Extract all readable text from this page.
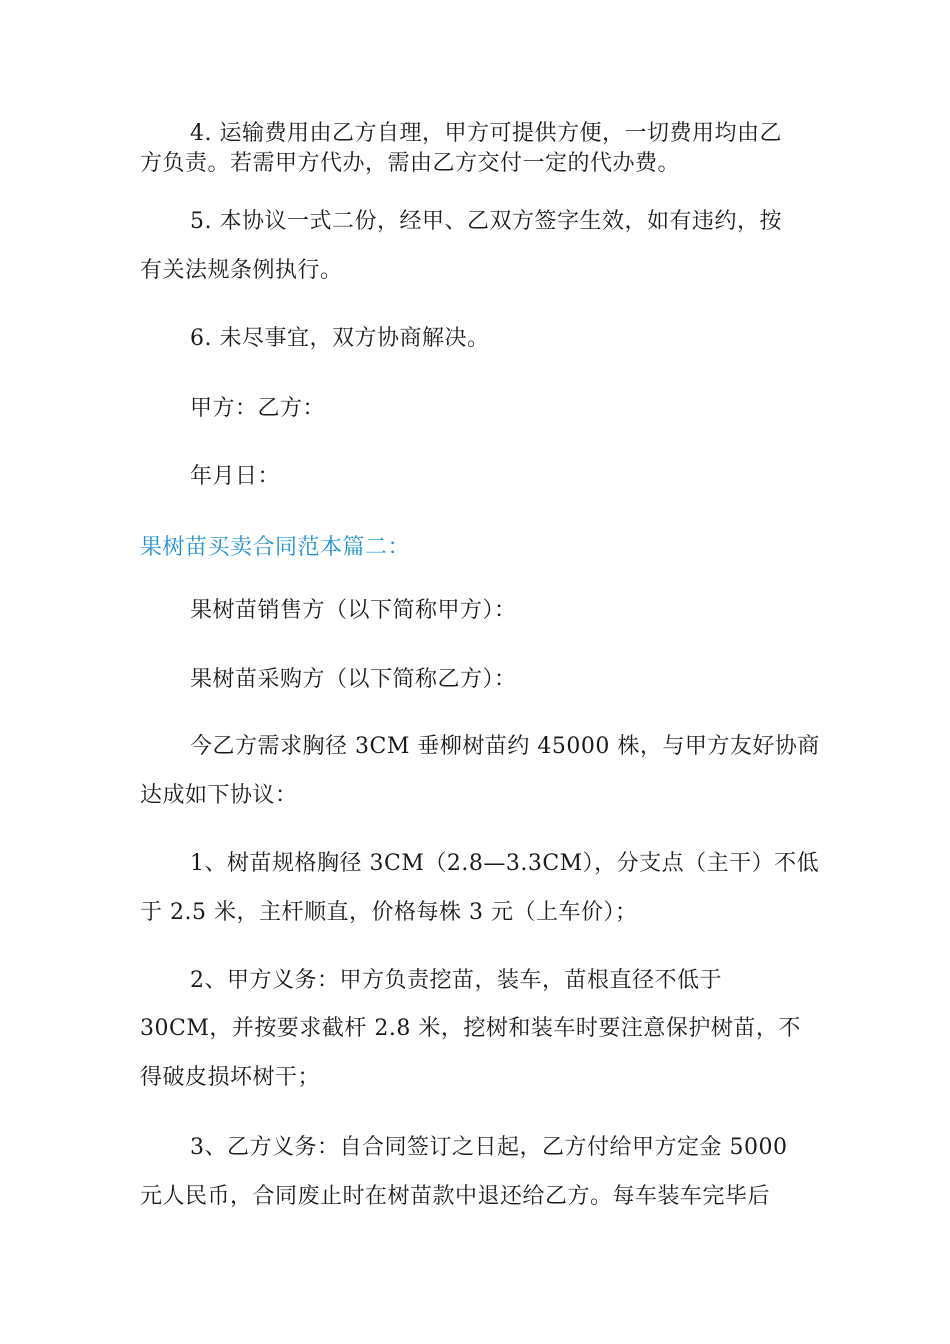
4. 运输费用由乙方自理，甲方可提供方便，一切费用均由乙
方负责。若需甲方代办，需由乙方交付一定的代办费。
5. 本协议一式二份，经甲、乙双方签字生效，如有违约，按
有关法规条例执行。
6. 未尽事宜，双方协商解决。
甲方：乙方：
年月日：
果树苗买卖合同范本篇二：
果树苗销售方（以下简称甲方）：
果树苗采购方（以下简称乙方）：
今乙方需求胸径 3CM 垂柳树苗约 45000 株，与甲方友好协商
达成如下协议：
1、树苗规格胸径 3CM（2.8—3.3CM），分支点（主干）不低
于 2.5 米，主杆顺直，价格每株 3 元（上车价）；
2、甲方义务：甲方负责挖苗，装车，苗根直径不低于
30CM，并按要求截杆 2.8 米，挖树和装车时要注意保护树苗，不
得破皮损坏树干；
3、乙方义务：自合同签订之日起，乙方付给甲方定金 5000
元人民币，合同废止时在树苗款中退还给乙方。每车装车完毕后
